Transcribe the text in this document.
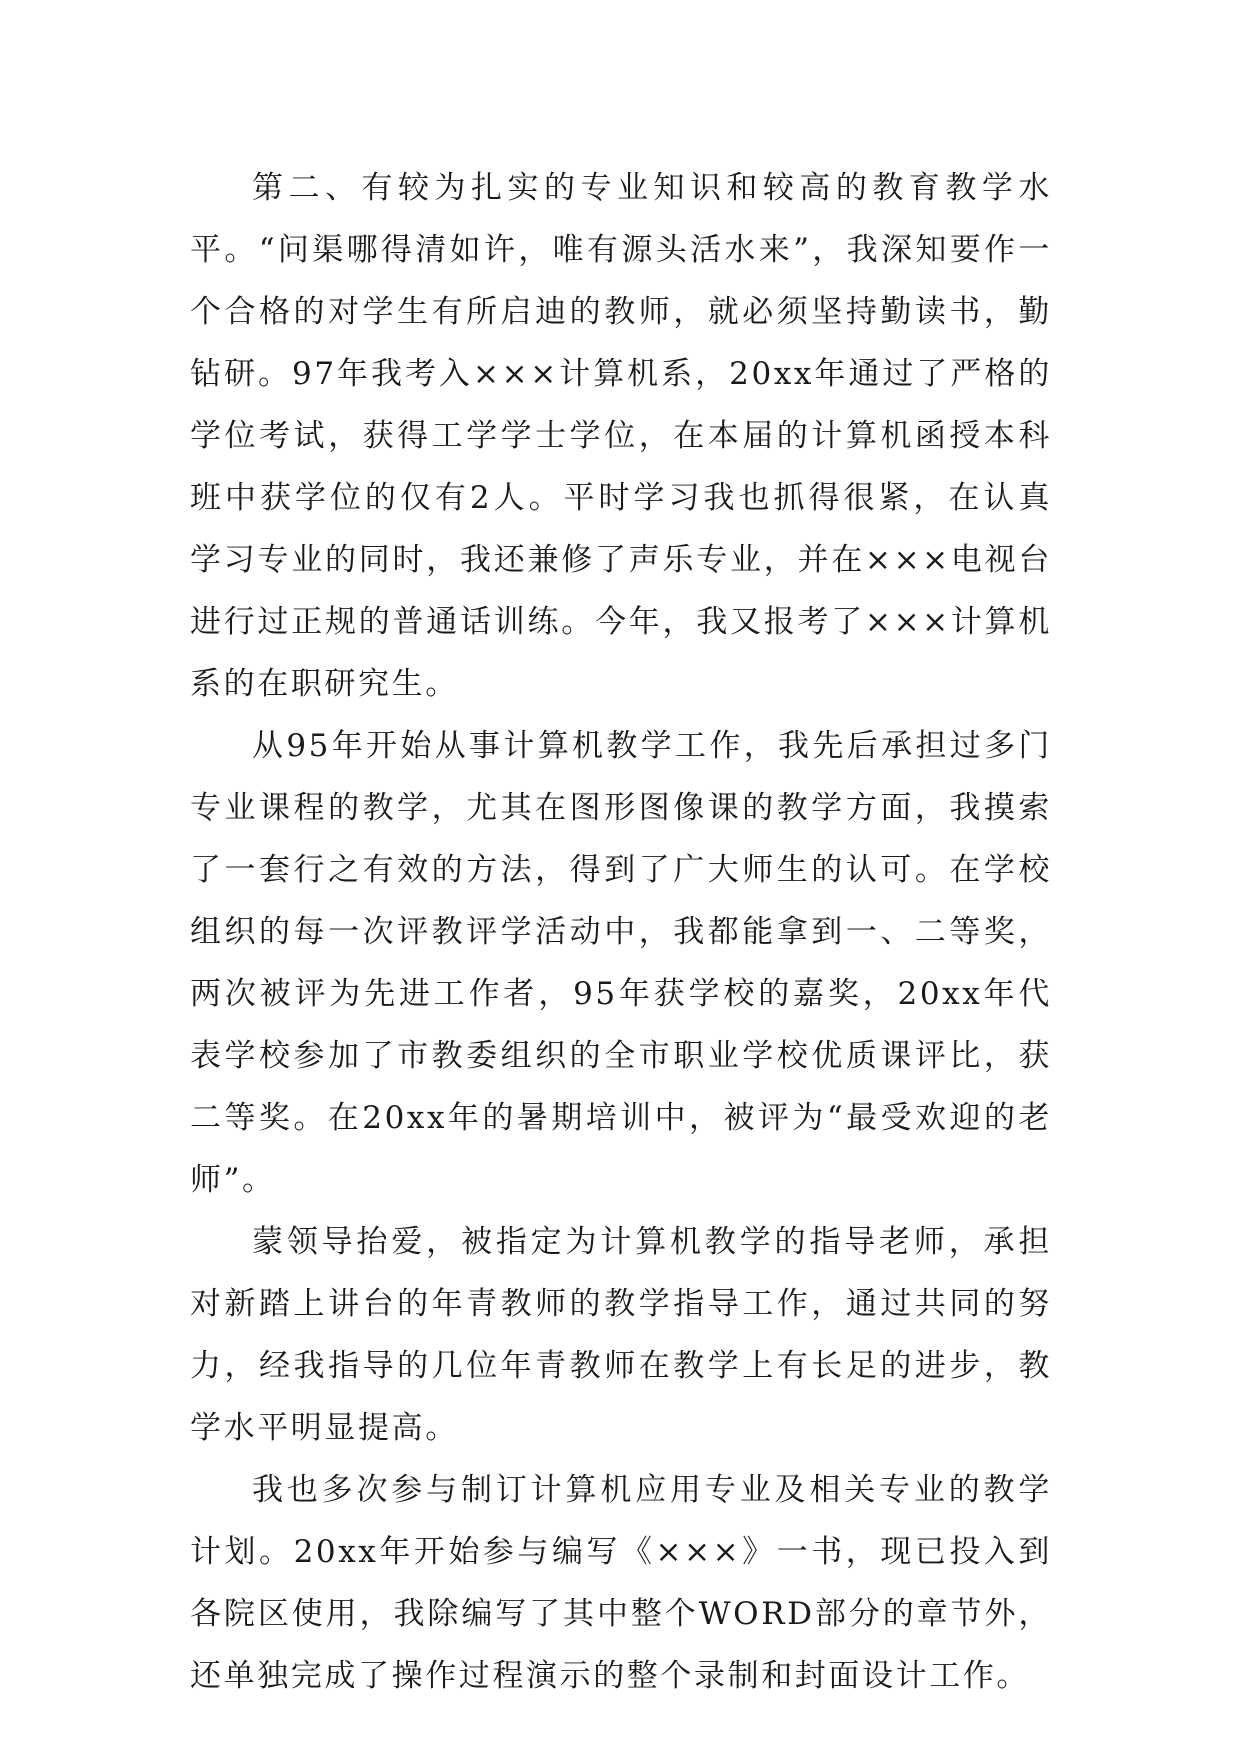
第二、有较为扎实的专业知识和较高的教育教学水平。“问渠哪得清如许，唯有源头活水来”，我深知要作一个合格的对学生有所启迪的教师，就必须坚持勤读书，勤钻研。97年我考入×××计算机系，20xx年通过了严格的学位考试，获得工学学士学位，在本届的计算机函授本科班中获学位的仅有2人。平时学习我也抓得很紧，在认真学习专业的同时，我还兼修了声乐专业，并在×××电视台进行过正规的普通话训练。今年，我又报考了×××计算机系的在职研究生。

从95年开始从事计算机教学工作，我先后承担过多门专业课程的教学，尤其在图形图像课的教学方面，我摸索了一套行之有效的方法，得到了广大师生的认可。在学校组织的每一次评教评学活动中，我都能拿到一、二等奖，两次被评为先进工作者，95年获学校的嘉奖，20xx年代表学校参加了市教委组织的全市职业学校优质课评比，获二等奖。在20xx年的暑期培训中，被评为“最受欢迎的老师”。

蒙领导抬爱，被指定为计算机教学的指导老师，承担对新踏上讲台的年青教师的教学指导工作，通过共同的努力，经我指导的几位年青教师在教学上有长足的进步，教学水平明显提高。

我也多次参与制订计算机应用专业及相关专业的教学计划。20xx年开始参与编写《×××》一书，现已投入到各院区使用，我除编写了其中整个WORD部分的章节外，还单独完成了操作过程演示的整个录制和封面设计工作。
